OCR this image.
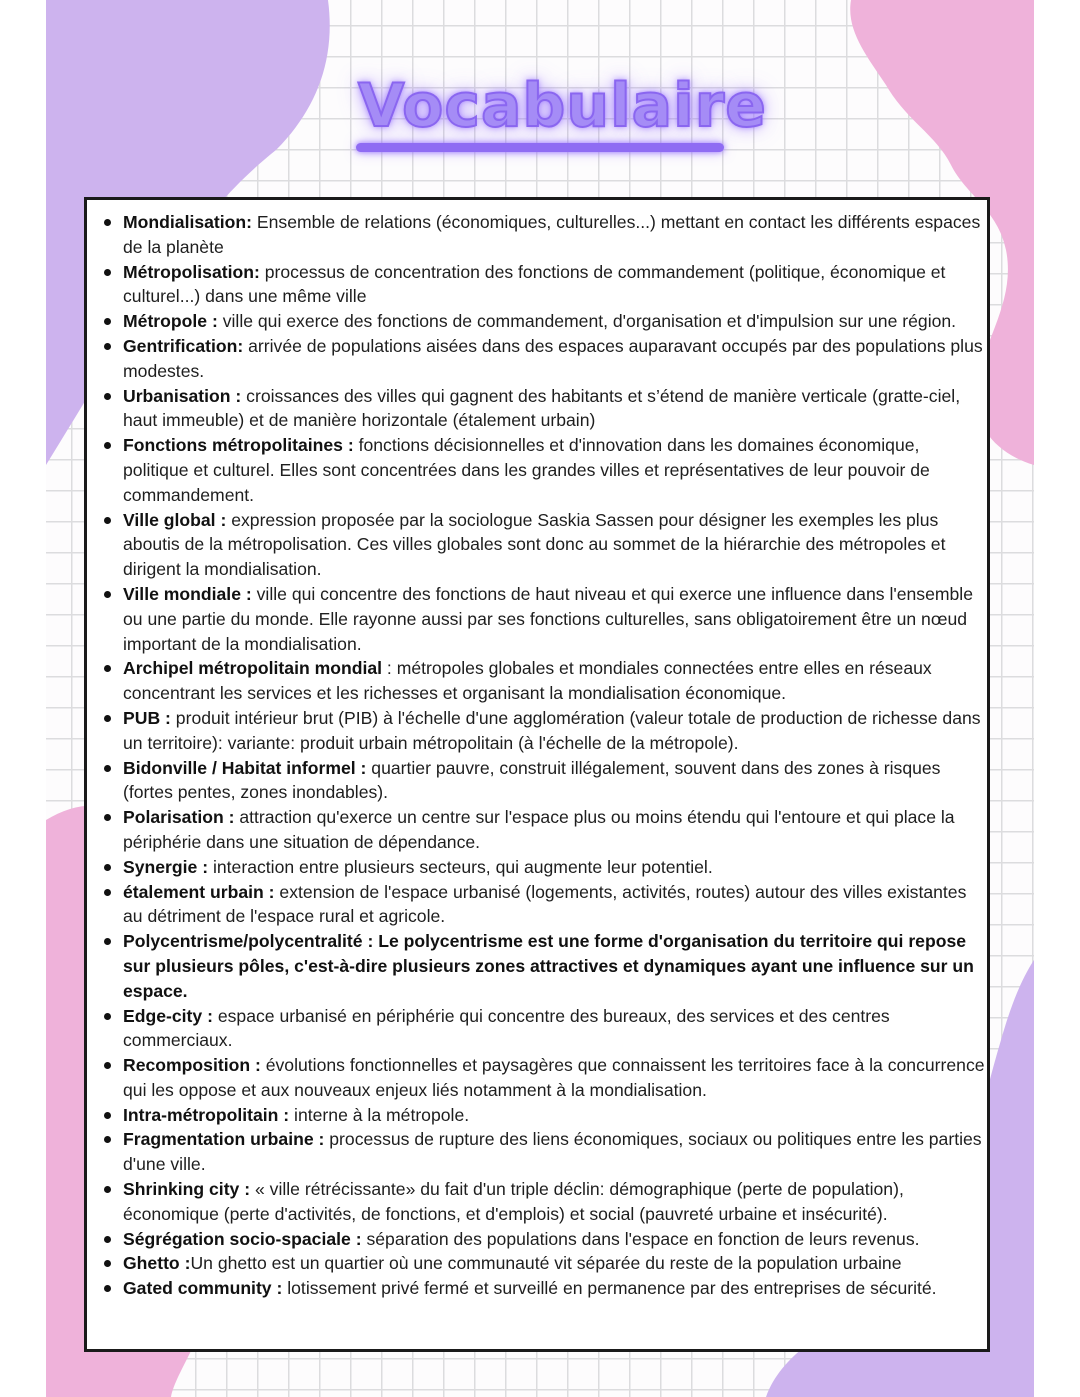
Vocabulaire
Mondialisation: Ensemble de relations (économiques, culturelles...) mettant en contact les différents espaces de la planète
Métropolisation: processus de concentration des fonctions de commandement (politique, économique et culturel...) dans une même ville
Métropole : ville qui exerce des fonctions de commandement, d'organisation et d'impulsion sur une région.
Gentrification: arrivée de populations aisées dans des espaces auparavant occupés par des populations plus modestes.
Urbanisation : croissances des villes qui gagnent des habitants et s’étend de manière verticale (gratte-ciel, haut immeuble) et de manière horizontale (étalement urbain)
Fonctions métropolitaines : fonctions décisionnelles et d'innovation dans les domaines économique, politique et culturel. Elles sont concentrées dans les grandes villes et représentatives de leur pouvoir de commandement.
Ville global : expression proposée par la sociologue Saskia Sassen pour désigner les exemples les plus aboutis de la métropolisation. Ces villes globales sont donc au sommet de la hiérarchie des métropoles et dirigent la mondialisation.
Ville mondiale : ville qui concentre des fonctions de haut niveau et qui exerce une influence dans l'ensemble ou une partie du monde. Elle rayonne aussi par ses fonctions culturelles, sans obligatoirement être un nœud important de la mondialisation.
Archipel métropolitain mondial : métropoles globales et mondiales connectées entre elles en réseaux concentrant les services et les richesses et organisant la mondialisation économique.
PUB : produit intérieur brut (PIB) à l'échelle d'une agglomération (valeur totale de production de richesse dans un territoire): variante: produit urbain métropolitain (à l'échelle de la métropole).
Bidonville / Habitat informel : quartier pauvre, construit illégalement, souvent dans des zones à risques (fortes pentes, zones inondables).
Polarisation : attraction qu'exerce un centre sur l'espace plus ou moins étendu qui l'entoure et qui place la périphérie dans une situation de dépendance.
Synergie : interaction entre plusieurs secteurs, qui augmente leur potentiel.
étalement urbain : extension de l'espace urbanisé (logements, activités, routes) autour des villes existantes au détriment de l'espace rural et agricole.
Polycentrisme/polycentralité : Le polycentrisme est une forme d'organisation du territoire qui repose sur plusieurs pôles, c'est-à-dire plusieurs zones attractives et dynamiques ayant une influence sur un espace.
Edge-city : espace urbanisé en périphérie qui concentre des bureaux, des services et des centres commerciaux.
Recomposition : évolutions fonctionnelles et paysagères que connaissent les territoires face à la concurrence qui les oppose et aux nouveaux enjeux liés notamment à la mondialisation.
Intra-métropolitain : interne à la métropole.
Fragmentation urbaine : processus de rupture des liens économiques, sociaux ou politiques entre les parties d'une ville.
Shrinking city : « ville rétrécissante» du fait d'un triple déclin: démographique (perte de population), économique (perte d'activités, de fonctions, et d'emplois) et social (pauvreté urbaine et insécurité).
Ségrégation socio-spaciale : séparation des populations dans l'espace en fonction de leurs revenus.
Ghetto :Un ghetto est un quartier où une communauté vit séparée du reste de la population urbaine
Gated community : lotissement privé fermé et surveillé en permanence par des entreprises de sécurité.
